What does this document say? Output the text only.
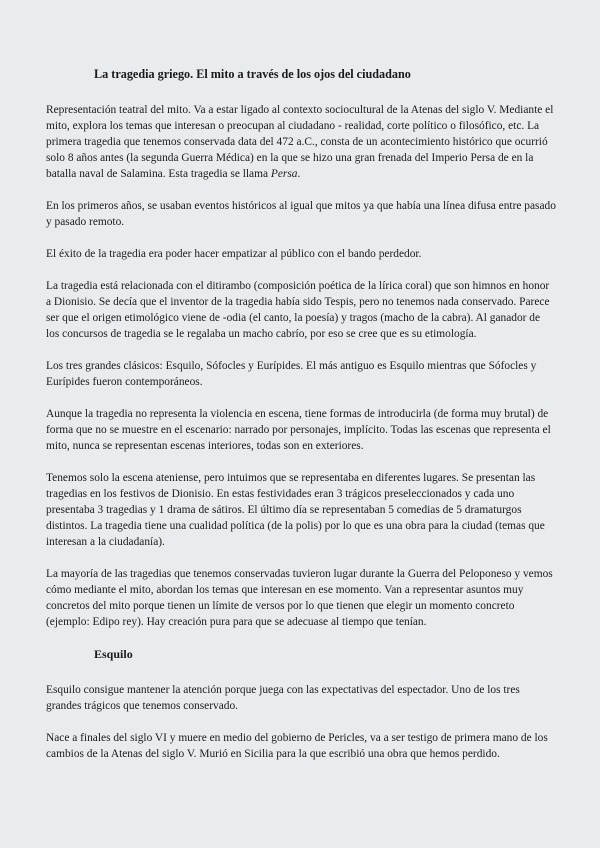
La tragedia griego. El mito a través de los ojos del ciudadano

Representación teatral del mito. Va a estar ligado al contexto sociocultural de la Atenas del siglo V. Mediante el mito, explora los temas que interesan o preocupan al ciudadano - realidad, corte político o filosófico, etc. La primera tragedia que tenemos conservada data del 472 a.C., consta de un acontecimiento histórico que ocurrió solo 8 años antes (la segunda Guerra Médica) en la que se hizo una gran frenada del Imperio Persa de en la batalla naval de Salamina. Esta tragedia se llama Persa.

En los primeros años, se usaban eventos históricos al igual que mitos ya que había una línea difusa entre pasado y pasado remoto.

El éxito de la tragedia era poder hacer empatizar al público con el bando perdedor.

La tragedia está relacionada con el ditirambo (composición poética de la lírica coral) que son himnos en honor a Dionisio. Se decía que el inventor de la tragedia había sido Tespis, pero no tenemos nada conservado. Parece ser que el origen etimológico viene de -odia (el canto, la poesía) y tragos (macho de la cabra). Al ganador de los concursos de tragedia se le regalaba un macho cabrío, por eso se cree que es su etimología.

Los tres grandes clásicos: Esquilo, Sófocles y Eurípides. El más antiguo es Esquilo mientras que Sófocles y Eurípides fueron contemporáneos.

Aunque la tragedia no representa la violencia en escena, tiene formas de introducirla (de forma muy brutal) de forma que no se muestre en el escenario: narrado por personajes, implícito. Todas las escenas que representa el mito, nunca se representan escenas interiores, todas son en exteriores.

Tenemos solo la escena ateniense, pero intuimos que se representaba en diferentes lugares. Se presentan las tragedias en los festivos de Dionisio. En estas festividades eran 3 trágicos preseleccionados y cada uno presentaba 3 tragedias y 1 drama de sátiros. El último día se representaban 5 comedias de 5 dramaturgos distintos. La tragedia tiene una cualidad política (de la polis) por lo que es una obra para la ciudad (temas que interesan a la ciudadanía).

La mayoría de las tragedias que tenemos conservadas tuvieron lugar durante la Guerra del Peloponeso y vemos cómo mediante el mito, abordan los temas que interesan en ese momento. Van a representar asuntos muy concretos del mito porque tienen un límite de versos por lo que tienen que elegir un momento concreto (ejemplo: Edipo rey). Hay creación pura para que se adecuase al tiempo que tenían.

Esquilo

Esquilo consigue mantener la atención porque juega con las expectativas del espectador. Uno de los tres grandes trágicos que tenemos conservado.

Nace a finales del siglo VI y muere en medio del gobierno de Pericles, va a ser testigo de primera mano de los cambios de la Atenas del siglo V. Murió en Sicilia para la que escribió una obra que hemos perdido.
